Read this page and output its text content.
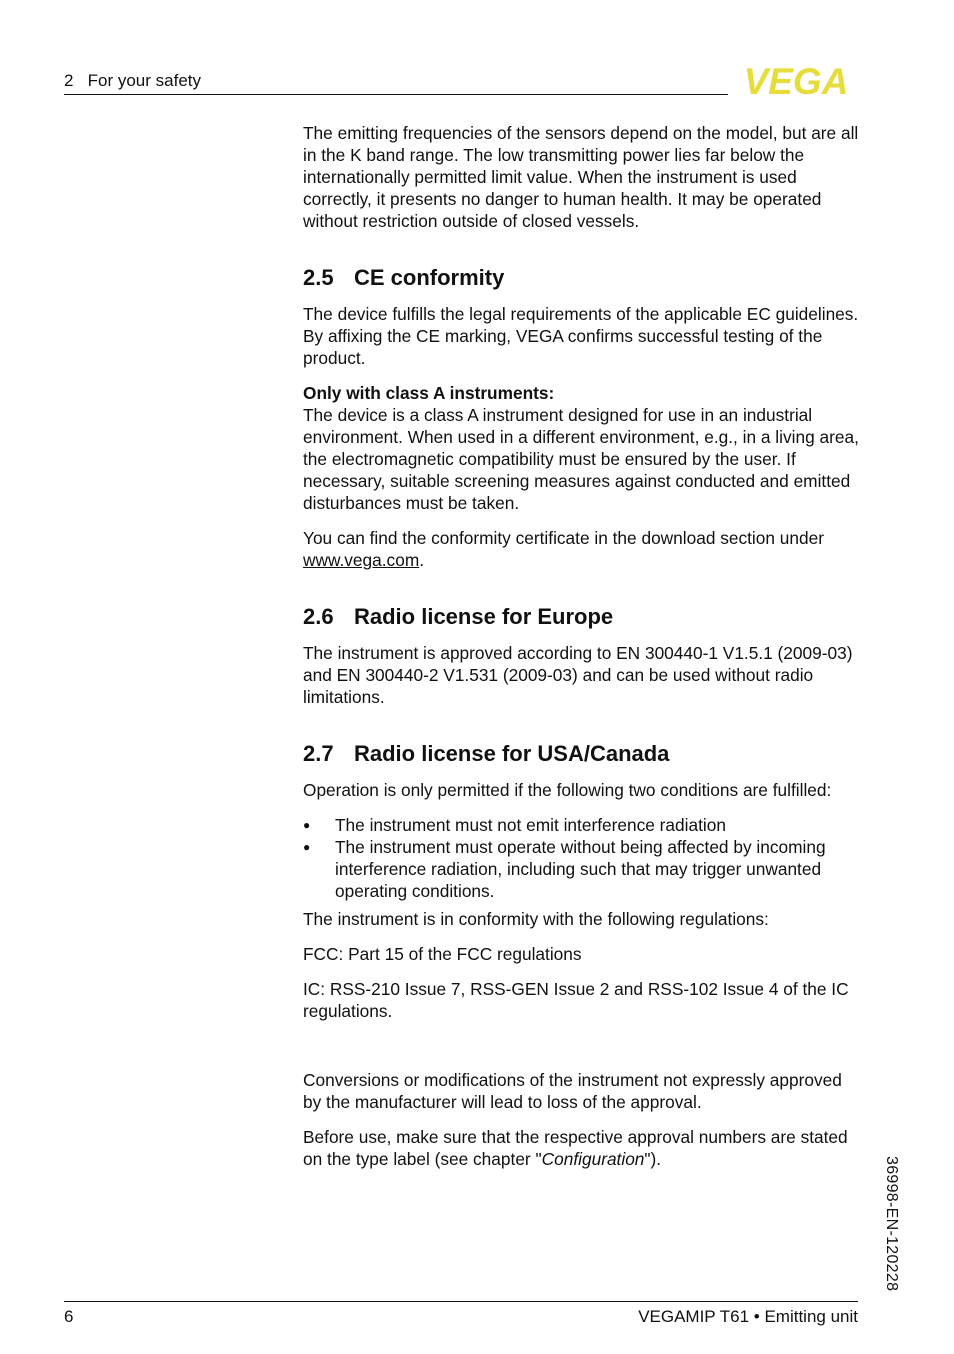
2   For your safety	VEGA

The emitting frequencies of the sensors depend on the model, but are all in the K band range. The low transmitting power lies far below the internationally permitted limit value. When the instrument is used correctly, it presents no danger to human health. It may be operated without restriction outside of closed vessels.

2.5 CE conformity

The device fulfills the legal requirements of the applicable EC guidelines. By affixing the CE marking, VEGA confirms successful testing of the product.

Only with class A instruments:

The device is a class A instrument designed for use in an industrial environment. When used in a different environment, e.g., in a living area, the electromagnetic compatibility must be ensured by the user. If necessary, suitable screening measures against conducted and emitted disturbances must be taken.

You can find the conformity certificate in the download section under www.vega.com.

2.6 Radio license for Europe

The instrument is approved according to EN 300440-1 V1.5.1 (2009-03) and EN 300440-2 V1.531 (2009-03) and can be used without radio limitations.

2.7 Radio license for USA/Canada

Operation is only permitted if the following two conditions are fulfilled:

● The instrument must not emit interference radiation
● The instrument must operate without being affected by incoming interference radiation, including such that may trigger unwanted operating conditions.

The instrument is in conformity with the following regulations:

FCC: Part 15 of the FCC regulations

IC: RSS-210 Issue 7, RSS-GEN Issue 2 and RSS-102 Issue 4 of the IC regulations.

Conversions or modifications of the instrument not expressly approved by the manufacturer will lead to loss of the approval.

Before use, make sure that the respective approval numbers are stated on the type label (see chapter "Configuration").	36998-EN-120228
6	VEGAMIP T61 • Emitting unit
